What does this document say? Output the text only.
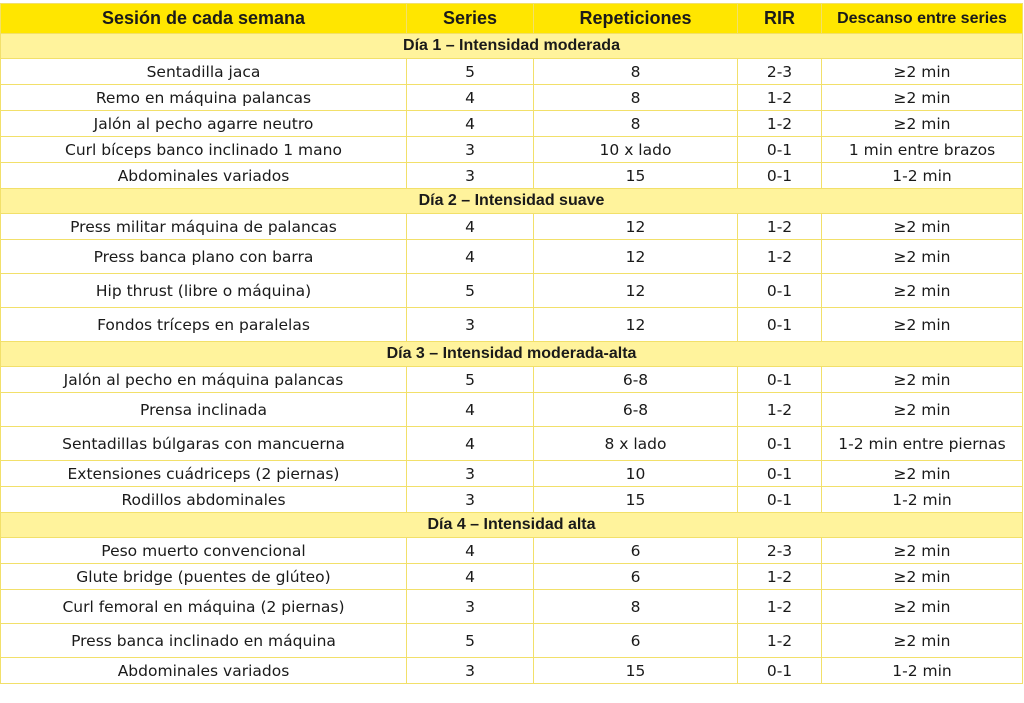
Sesión de cada semana	Series	Repeticiones	RIR	Descanso entre series
Día 1 – Intensidad moderada				
Sentadilla jaca	5	8	2-3	≥2 min
Remo en máquina palancas	4	8	1-2	≥2 min
Jalón al pecho agarre neutro	4	8	1-2	≥2 min
Curl bíceps banco inclinado 1 mano	3	10 x lado	0-1	1 min entre brazos
Abdominales variados	3	15	0-1	1-2 min
Día 2 – Intensidad suave				
Press militar máquina de palancas	4	12	1-2	≥2 min
Press banca plano con barra	4	12	1-2	≥2 min
Hip thrust (libre o máquina)	5	12	0-1	≥2 min
Fondos tríceps en paralelas	3	12	0-1	≥2 min
Día 3 – Intensidad moderada-alta				
Jalón al pecho en máquina palancas	5	6-8	0-1	≥2 min
Prensa inclinada	4	6-8	1-2	≥2 min
Sentadillas búlgaras con mancuerna	4	8 x lado	0-1	1-2 min entre piernas
Extensiones cuádriceps (2 piernas)	3	10	0-1	≥2 min
Rodillos abdominales	3	15	0-1	1-2 min
Día 4 – Intensidad alta				
Peso muerto convencional	4	6	2-3	≥2 min
Glute bridge (puentes de glúteo)	4	6	1-2	≥2 min
Curl femoral en máquina (2 piernas)	3	8	1-2	≥2 min
Press banca inclinado en máquina	5	6	1-2	≥2 min
Abdominales variados	3	15	0-1	1-2 min
